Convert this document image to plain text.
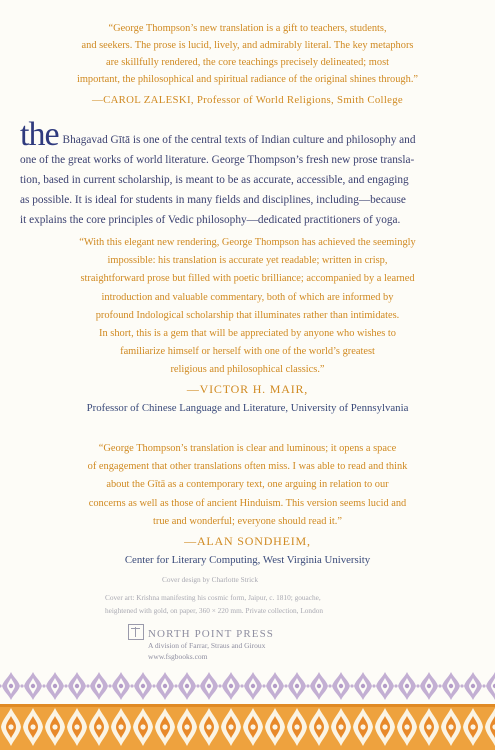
“George Thompson’s new translation is a gift to teachers, students,
and seekers. The prose is lucid, lively, and admirably literal. The key metaphors
are skillfully rendered, the core teachings precisely delineated; most
important, the philosophical and spiritual radiance of the original shines through.”
—CAROL ZALESKI, Professor of World Religions, Smith College
the Bhagavad Gītā is one of the central texts of Indian culture and philosophy and
one of the great works of world literature. George Thompson’s fresh new prose transla-
tion, based in current scholarship, is meant to be as accurate, accessible, and engaging
as possible. It is ideal for students in many fields and disciplines, including—because
it explains the core principles of Vedic philosophy—dedicated practitioners of yoga.
“With this elegant new rendering, George Thompson has achieved the seemingly
impossible: his translation is accurate yet readable; written in crisp,
straightforward prose but filled with poetic brilliance; accompanied by a learned
introduction and valuable commentary, both of which are informed by
profound Indological scholarship that illuminates rather than intimidates.
In short, this is a gem that will be appreciated by anyone who wishes to
familiarize himself or herself with one of the world’s greatest
religious and philosophical classics.”
—VICTOR H. MAIR,
Professor of Chinese Language and Literature, University of Pennsylvania
“George Thompson’s translation is clear and luminous; it opens a space
of engagement that other translations often miss. I was able to read and think
about the Gītā as a contemporary text, one arguing in relation to our
concerns as well as those of ancient Hinduism. This version seems lucid and
true and wonderful; everyone should read it.”
—ALAN SONDHEIM,
Center for Literary Computing, West Virginia University
Cover design by Charlotte Strick
Cover art: Krishna manifesting his cosmic form, Jaipur, c. 1810; gouache,
heightened with gold, on paper, 360 × 220 mm. Private collection, London
NORTH POINT PRESS
A division of Farrar, Straus and Giroux
www.fsgbooks.com
